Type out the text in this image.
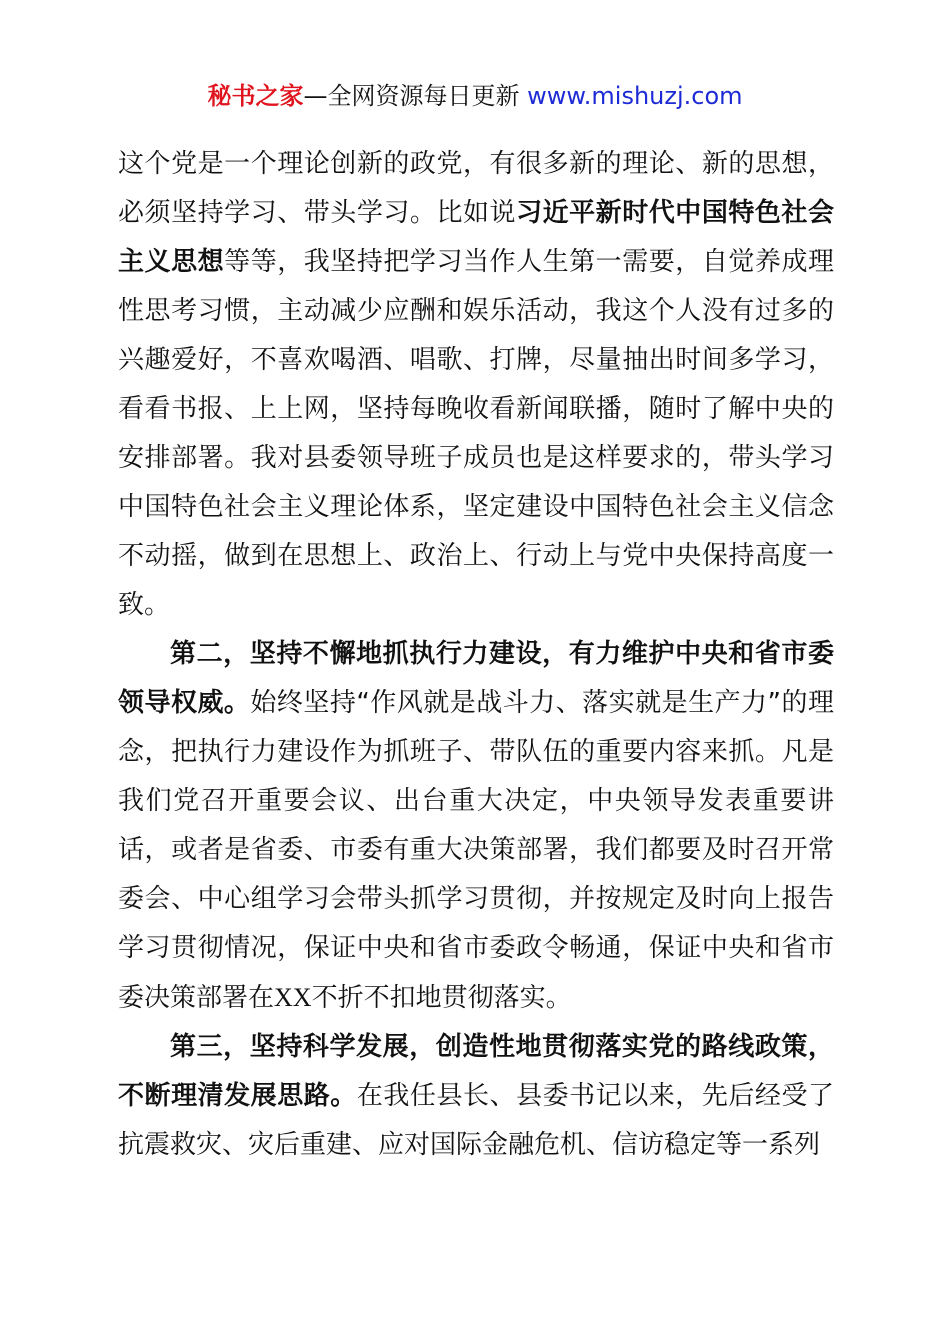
秘书之家—全网资源每日更新 www.mishuzj.com

这个党是一个理论创新的政党，有很多新的理论、新的思想，必须坚持学习、带头学习。比如说习近平新时代中国特色社会主义思想等等，我坚持把学习当作人生第一需要，自觉养成理性思考习惯，主动减少应酬和娱乐活动，我这个人没有过多的兴趣爱好，不喜欢喝酒、唱歌、打牌，尽量抽出时间多学习，看看书报、上上网，坚持每晚收看新闻联播，随时了解中央的安排部署。我对县委领导班子成员也是这样要求的，带头学习中国特色社会主义理论体系，坚定建设中国特色社会主义信念不动摇，做到在思想上、政治上、行动上与党中央保持高度一致。

第二，坚持不懈地抓执行力建设，有力维护中央和省市委领导权威。始终坚持“作风就是战斗力、落实就是生产力”的理念，把执行力建设作为抓班子、带队伍的重要内容来抓。凡是我们党召开重要会议、出台重大决定，中央领导发表重要讲话，或者是省委、市委有重大决策部署，我们都要及时召开常委会、中心组学习会带头抓学习贯彻，并按规定及时向上报告学习贯彻情况，保证中央和省市委政令畅通，保证中央和省市委决策部署在XX不折不扣地贯彻落实。

第三，坚持科学发展，创造性地贯彻落实党的路线政策，不断理清发展思路。在我任县长、县委书记以来，先后经受了抗震救灾、灾后重建、应对国际金融危机、信访稳定等一系列
